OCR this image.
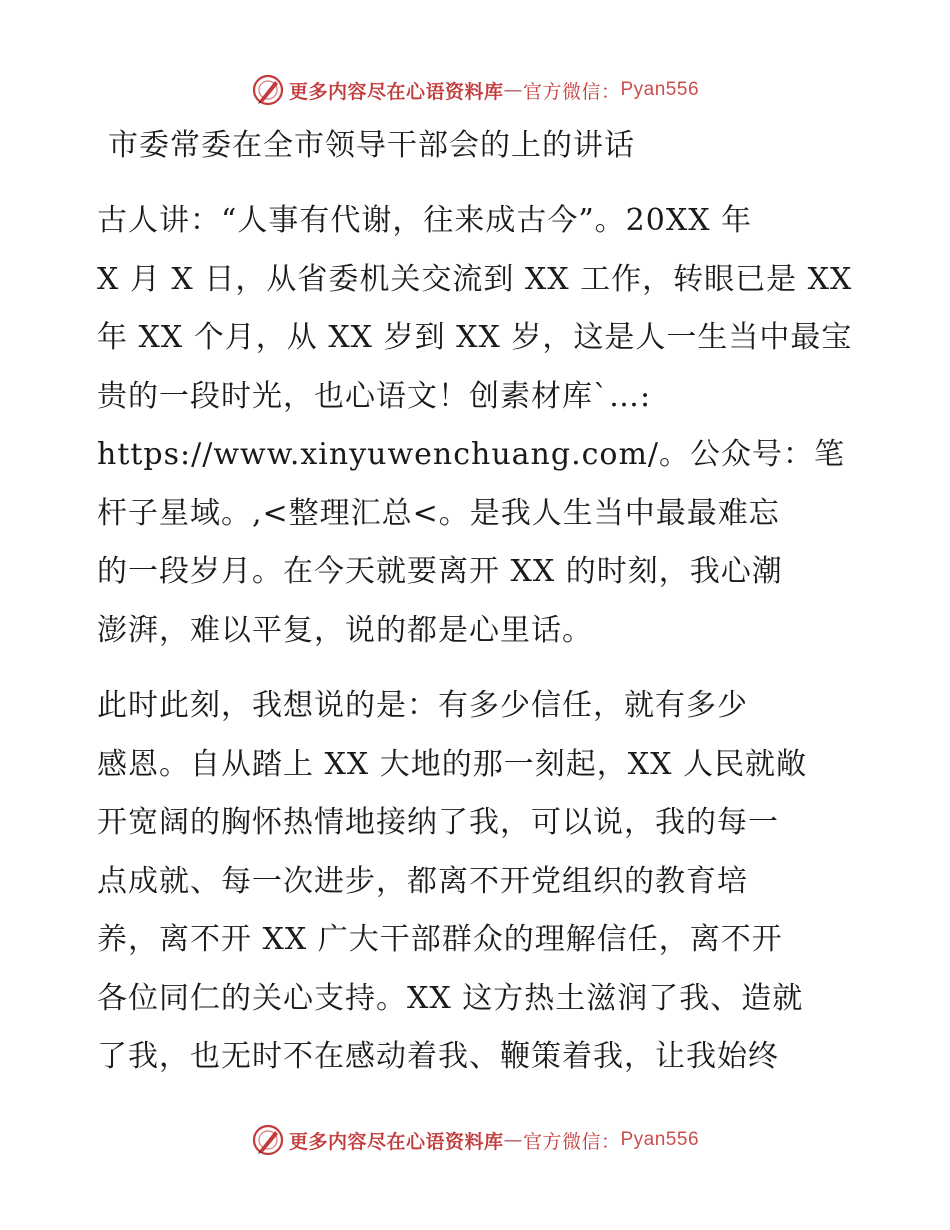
更多内容尽在心语资料库 — 官方微信： Pyan556
市委常委在全市领导干部会的上的讲话
古人讲：“人事有代谢，往来成古今”。20XX 年
X 月 X 日，从省委机关交流到 XX 工作，转眼已是 XX
年 XX 个月，从 XX 岁到 XX 岁，这是人一生当中最宝
贵的一段时光，也心语文！创素材库`…:
https://www.xinyuwenchuang.com/。公众号：笔
杆子星域。,<整理汇总<。是我人生当中最最难忘
的一段岁月。在今天就要离开 XX 的时刻，我心潮
澎湃，难以平复，说的都是心里话。
此时此刻，我想说的是：有多少信任，就有多少
感恩。自从踏上 XX 大地的那一刻起，XX 人民就敞
开宽阔的胸怀热情地接纳了我，可以说，我的每一
点成就、每一次进步，都离不开党组织的教育培
养，离不开 XX 广大干部群众的理解信任，离不开
各位同仁的关心支持。XX 这方热土滋润了我、造就
了我，也无时不在感动着我、鞭策着我，让我始终
更多内容尽在心语资料库 — 官方微信： Pyan556
